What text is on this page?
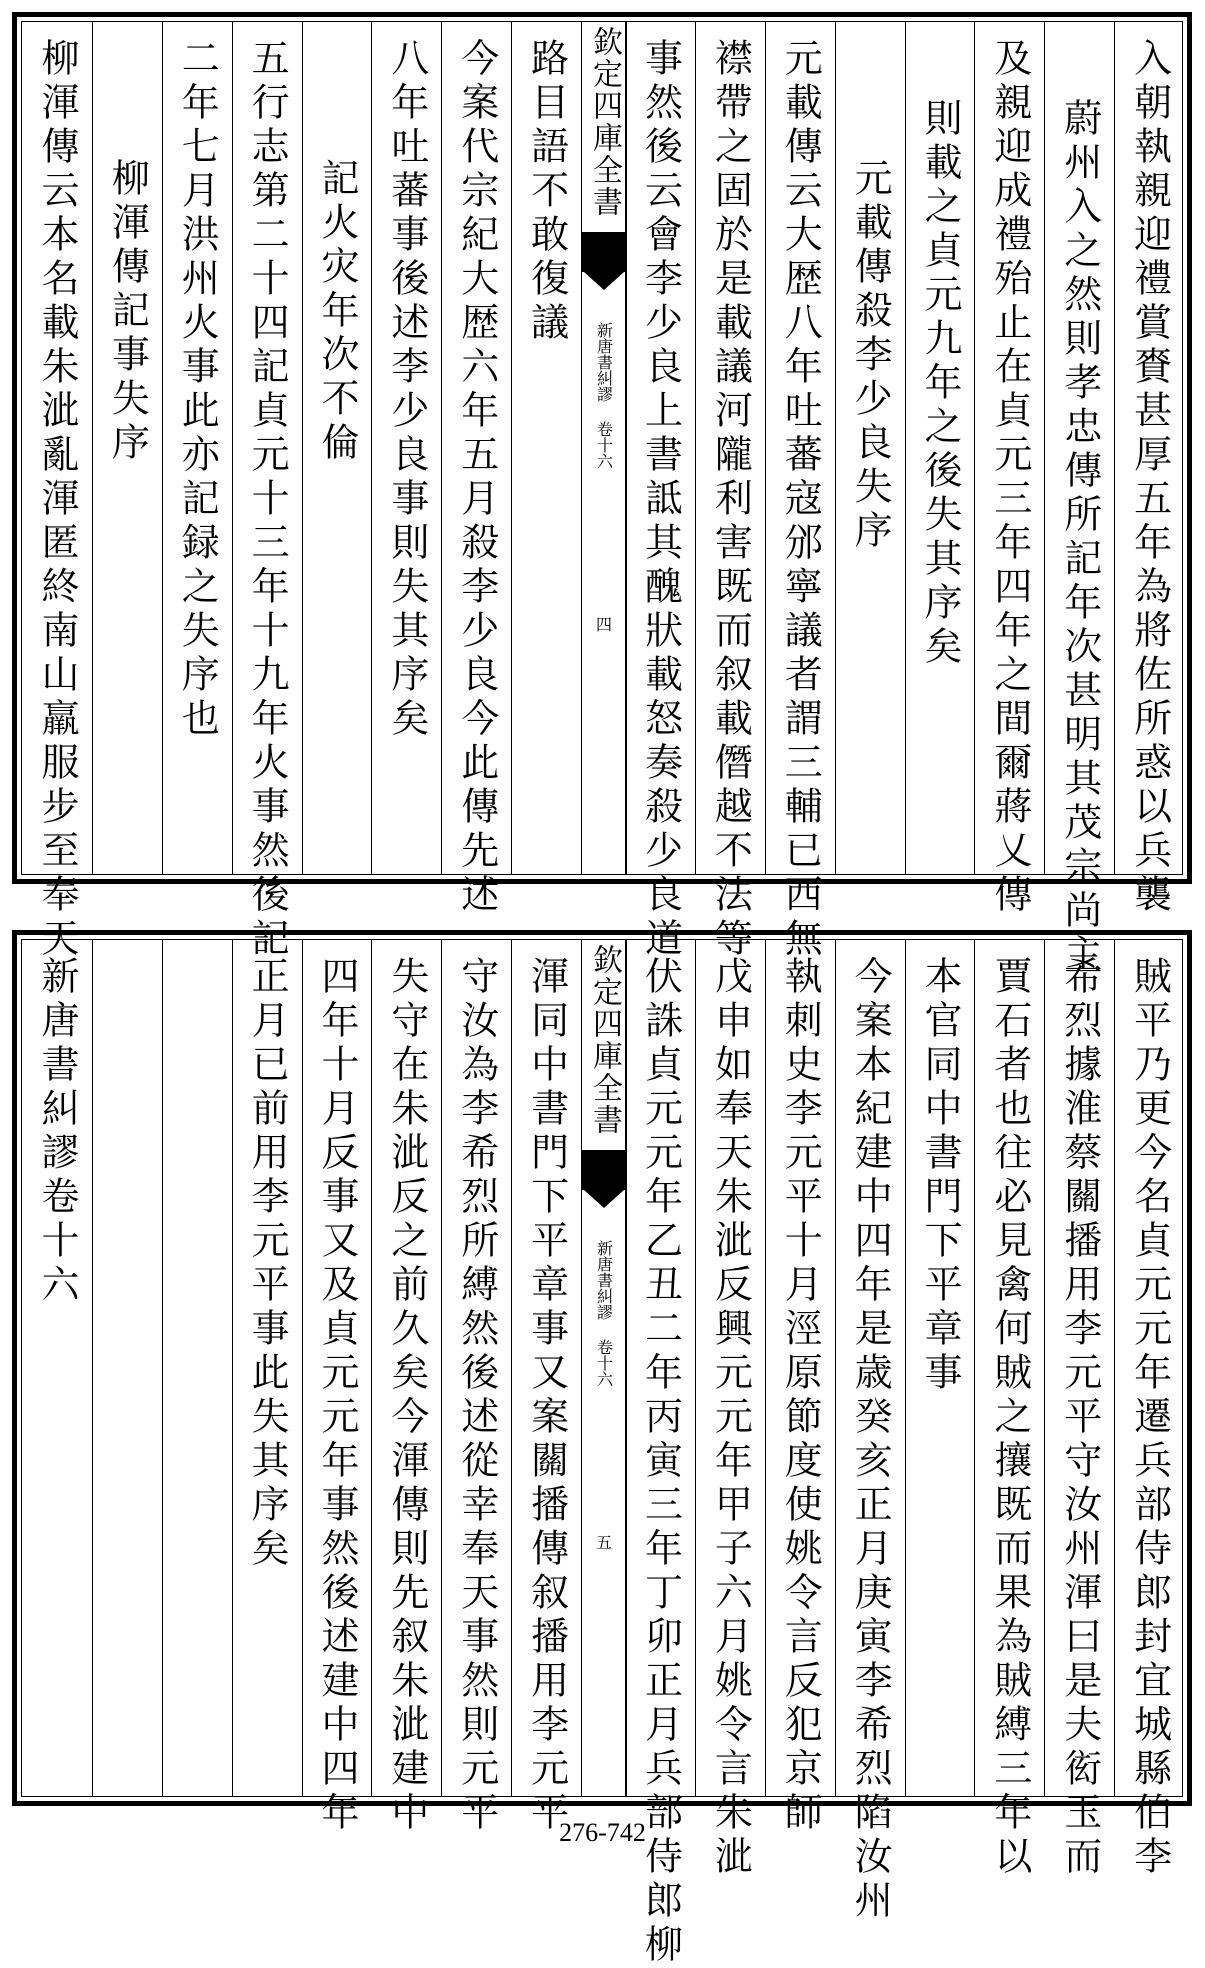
柳渾傳云本名載朱泚亂渾匿終南山羸服步至奉天 柳渾傳記事失序 二年七月洪州火事此亦記録之失序也 五行志第二十四記貞元十三年十九年火事然後記 記火灾年次不倫 八年吐蕃事後述李少良事則失其序矣 今案代宗紀大歴六年五月殺李少良今此傳先述 路目語不敢復議 欽定四庫全書
新唐書糾謬 卷十六
四 事然後云會李少良上書詆其醜狀載怒奏殺少良道 襟帶之固於是載議河隴利害既而叙載僭越不法等 元載傳云大歴八年吐蕃寇邠寧議者謂三輔已西無 元載傳殺李少良失序 則載之貞元九年之後失其序矣 及親迎成禮殆止在貞元三年四年之間爾蔣乂傳 蔚州入之然則孝忠傳所記年次甚明其茂宗尚主 入朝執親迎禮賞賚甚厚五年為將佐所惑以兵襲
新唐書糾謬卷十六	正月已前用李元平事此失其序矣 四年十月反事又及貞元元年事然後述建中四年 失守在朱泚反之前久矣今渾傳則先叙朱泚建中 守汝為李希烈所縛然後述從幸奉天事然則元平 渾同中書門下平章事又案關播傳叙播用李元平 欽定四庫全書
新唐書糾謬 卷十六
五 伏誅貞元元年乙丑二年丙寅三年丁卯正月兵部侍郎柳 戊申如奉天朱泚反興元元年甲子六月姚令言朱泚 執刺史李元平十月涇原節度使姚令言反犯京師 今案本紀建中四年是歳癸亥正月庚寅李希烈陷汝州 本官同中書門下平章事 賈石者也往必見禽何賊之攘既而果為賊縛三年以 希烈據淮蔡關播用李元平守汝州渾曰是夫衒玉而 賊平乃更今名貞元元年遷兵部侍郎封宜城縣伯李
276-742
